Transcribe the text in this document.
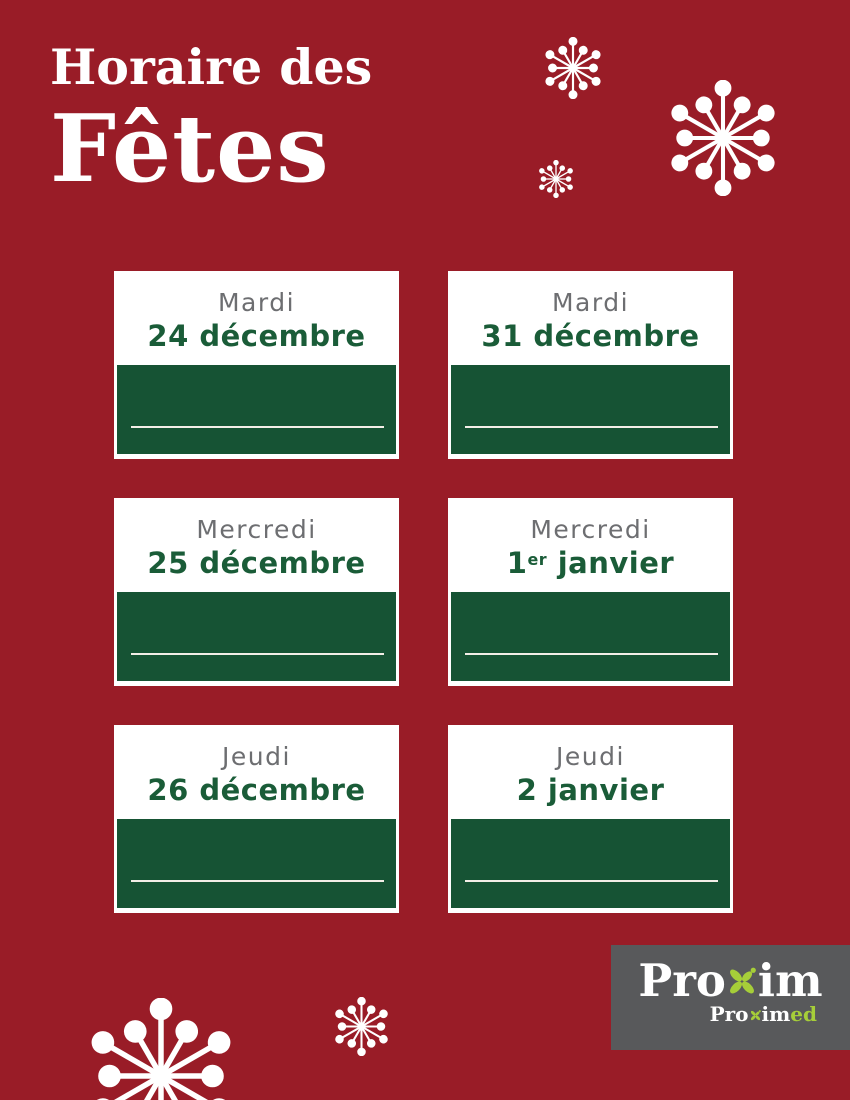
Horaire des
Fêtes
Mardi
24 décembre
Mardi
31 décembre
Mercredi
25 décembre
Mercredi
1er janvier
Jeudi
26 décembre
Jeudi
2 janvier
Pro im
Pro imed
